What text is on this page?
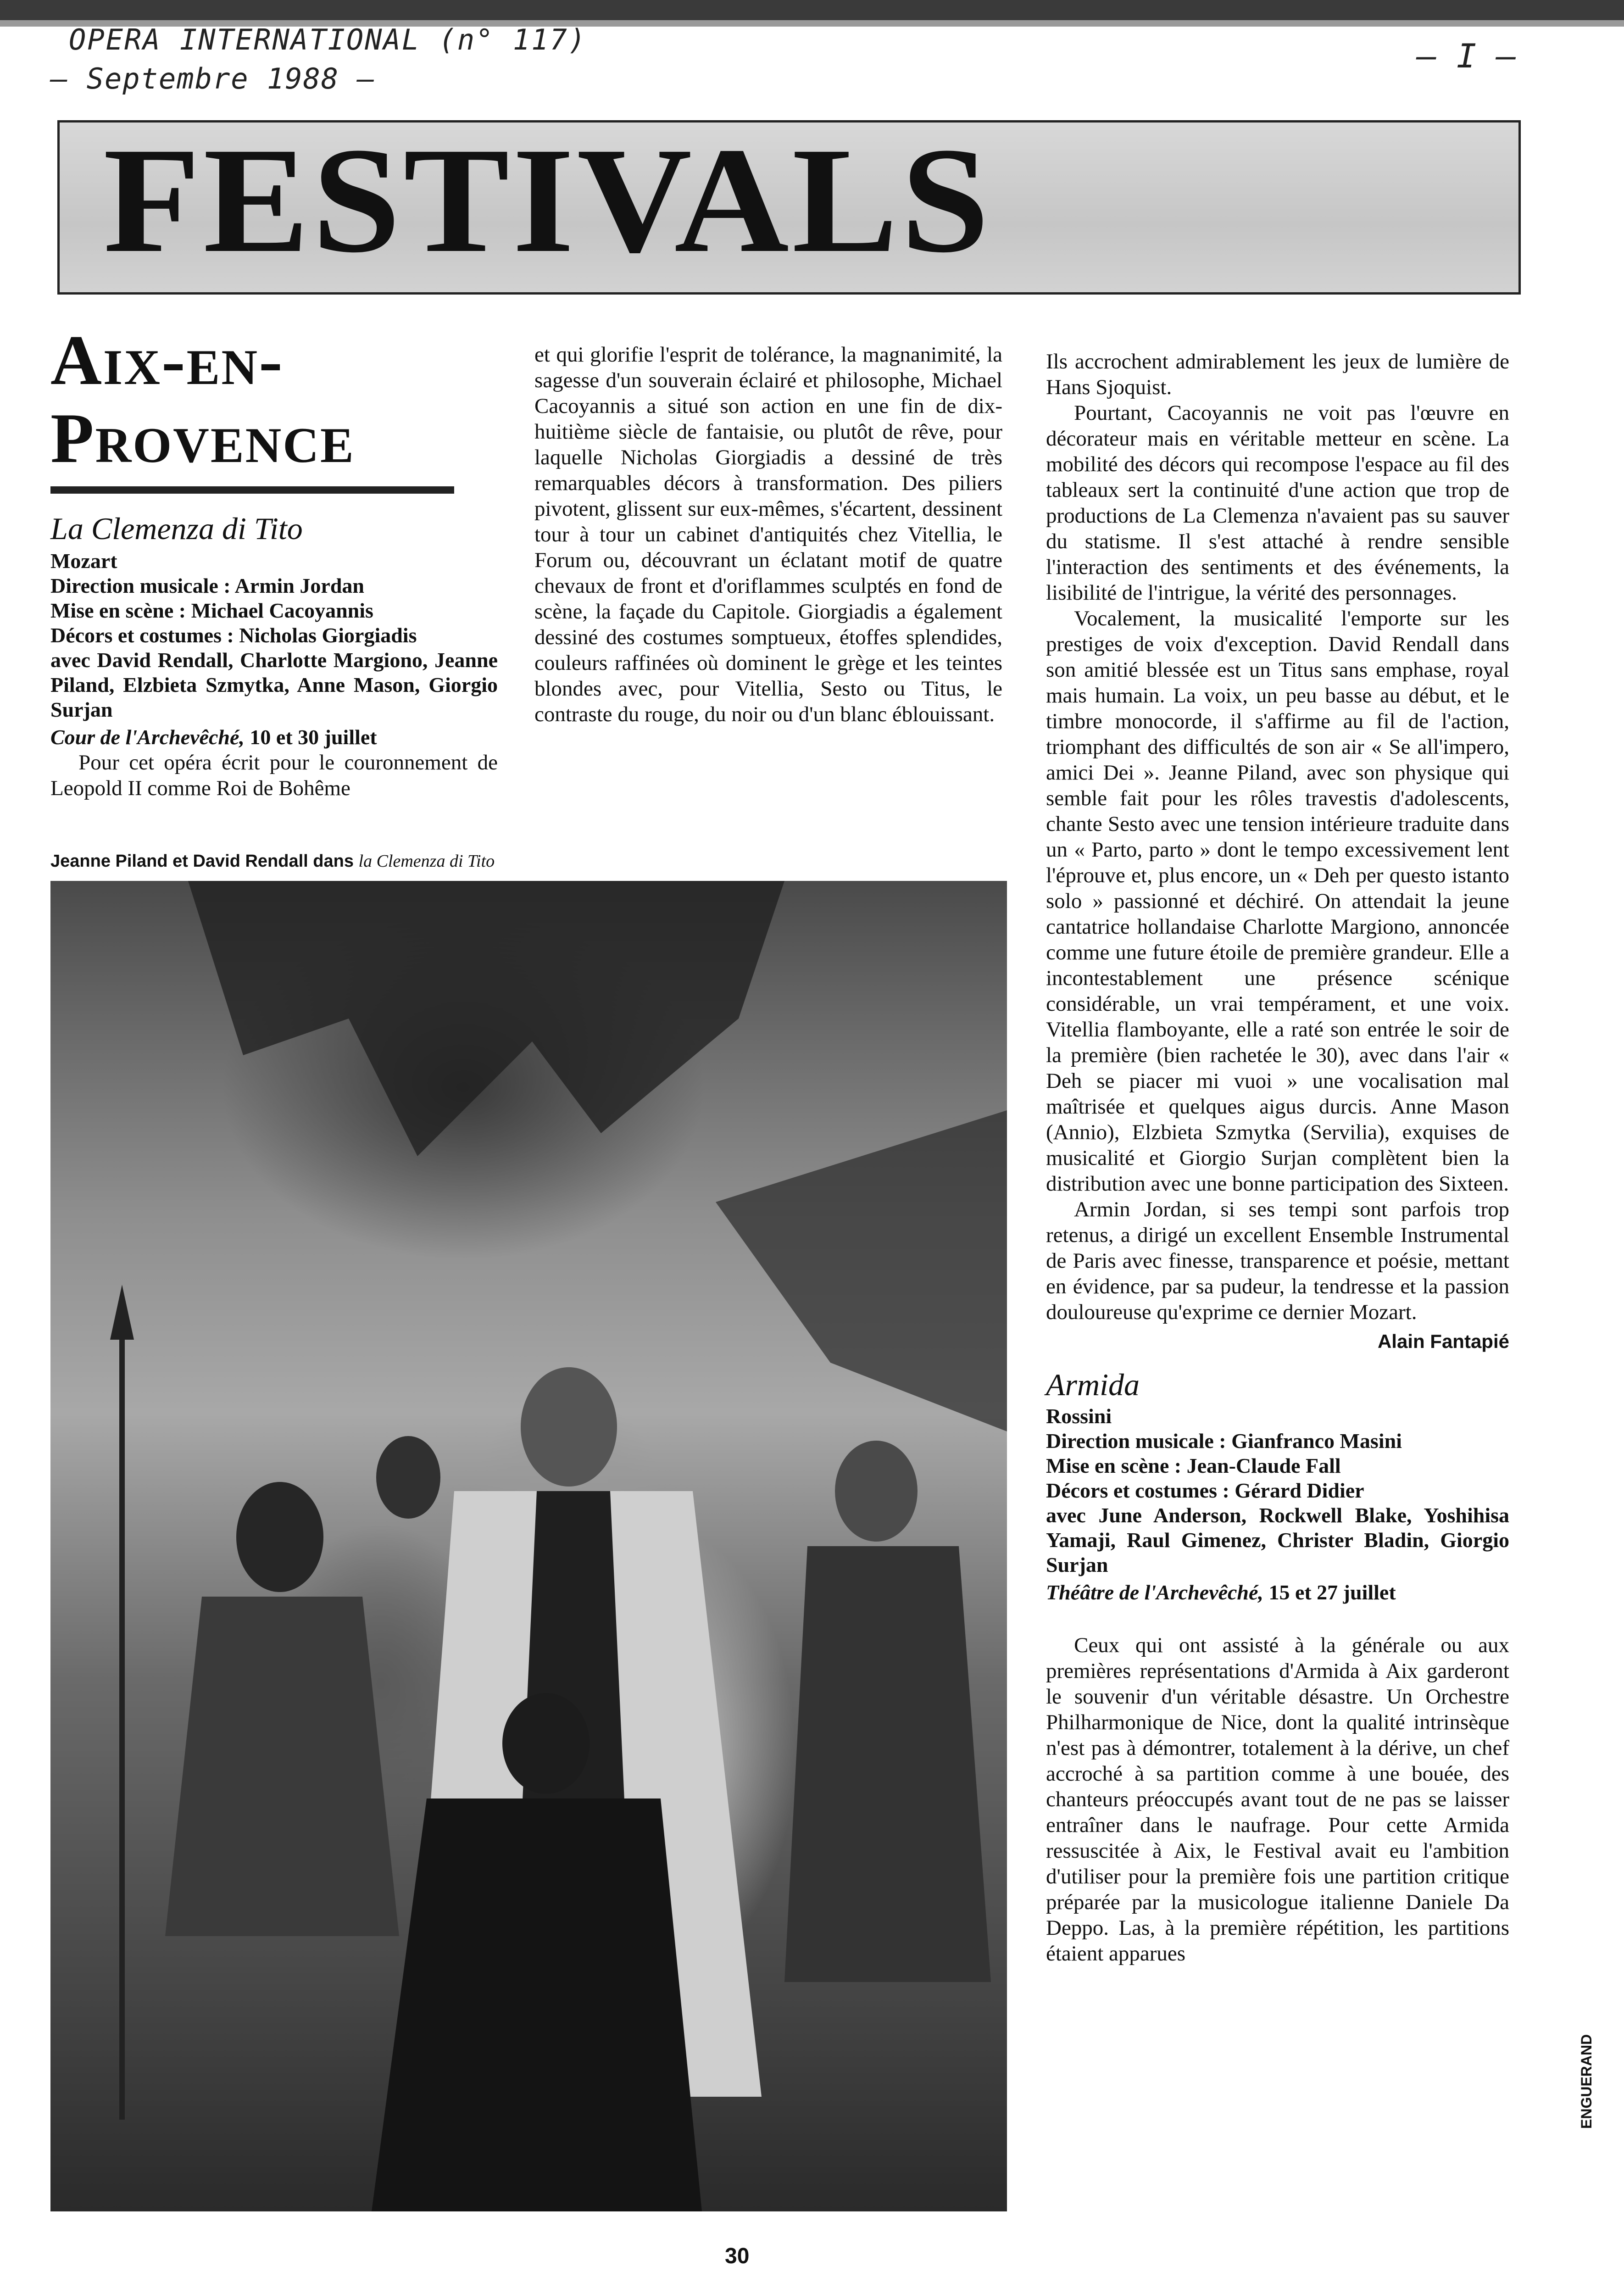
OPERA INTERNATIONAL (n° 117)
– Septembre 1988 –
– I –
FESTIVALS
Aix-en-
Provence
La Clemenza di Tito
Mozart
Direction musicale : Armin Jordan
Mise en scène : Michael Cacoyannis
Décors et costumes : Nicholas Giorgiadis
avec David Rendall, Charlotte Margiono, Jeanne Piland, Elzbieta Szmytka, Anne Mason, Giorgio Surjan
Cour de l'Archevêché, 10 et 30 juillet

Pour cet opéra écrit pour le couronnement de Leopold II comme Roi de Bohême

et qui glorifie l'esprit de tolérance, la magnanimité, la sagesse d'un souverain éclairé et philosophe, Michael Cacoyannis a situé son action en une fin de dix-huitième siècle de fantaisie, ou plutôt de rêve, pour laquelle Nicholas Giorgiadis a dessiné de très remarquables décors à transformation. Des piliers pivotent, glissent sur eux-mêmes, s'écartent, dessinent tour à tour un cabinet d'antiquités chez Vitellia, le Forum ou, découvrant un éclatant motif de quatre chevaux de front et d'oriflammes sculptés en fond de scène, la façade du Capitole. Giorgiadis a également dessiné des costumes somptueux, étoffes splendides, couleurs raffinées où dominent le grège et les teintes blondes avec, pour Vitellia, Sesto ou Titus, le contraste du rouge, du noir ou d'un blanc éblouissant.

Jeanne Piland et David Rendall dans la Clemenza di Tito

Ils accrochent admirablement les jeux de lumière de Hans Sjoquist.

Pourtant, Cacoyannis ne voit pas l'œuvre en décorateur mais en véritable metteur en scène. La mobilité des décors qui recompose l'espace au fil des tableaux sert la continuité d'une action que trop de productions de La Clemenza n'avaient pas su sauver du statisme. Il s'est attaché à rendre sensible l'interaction des sentiments et des événements, la lisibilité de l'intrigue, la vérité des personnages.

Vocalement, la musicalité l'emporte sur les prestiges de voix d'exception. David Rendall dans son amitié blessée est un Titus sans emphase, royal mais humain. La voix, un peu basse au début, et le timbre monocorde, il s'affirme au fil de l'action, triomphant des difficultés de son air « Se all'impero, amici Dei ». Jeanne Piland, avec son physique qui semble fait pour les rôles travestis d'adolescents, chante Sesto avec une tension intérieure traduite dans un « Parto, parto » dont le tempo excessivement lent l'éprouve et, plus encore, un « Deh per questo istanto solo » passionné et déchiré. On attendait la jeune cantatrice hollandaise Charlotte Margiono, annoncée comme une future étoile de première grandeur. Elle a incontestablement une présence scénique considérable, un vrai tempérament, et une voix. Vitellia flamboyante, elle a raté son entrée le soir de la première (bien rachetée le 30), avec dans l'air « Deh se piacer mi vuoi » une vocalisation mal maîtrisée et quelques aigus durcis. Anne Mason (Annio), Elzbieta Szmytka (Servilia), exquises de musicalité et Giorgio Surjan complètent bien la distribution avec une bonne participation des Sixteen.

Armin Jordan, si ses tempi sont parfois trop retenus, a dirigé un excellent Ensemble Instrumental de Paris avec finesse, transparence et poésie, mettant en évidence, par sa pudeur, la tendresse et la passion douloureuse qu'exprime ce dernier Mozart.

Alain Fantapié
Armida
Rossini
Direction musicale : Gianfranco Masini
Mise en scène : Jean-Claude Fall
Décors et costumes : Gérard Didier
avec June Anderson, Rockwell Blake, Yoshihisa Yamaji, Raul Gimenez, Christer Bladin, Giorgio Surjan
Théâtre de l'Archevêché, 15 et 27 juillet

Ceux qui ont assisté à la générale ou aux premières représentations d'Armida à Aix garderont le souvenir d'un véritable désastre. Un Orchestre Philharmonique de Nice, dont la qualité intrinsèque n'est pas à démontrer, totalement à la dérive, un chef accroché à sa partition comme à une bouée, des chanteurs préoccupés avant tout de ne pas se laisser entraîner dans le naufrage. Pour cette Armida ressuscitée à Aix, le Festival avait eu l'ambition d'utiliser pour la première fois une partition critique préparée par la musicologue italienne Daniele Da Deppo. Las, à la première répétition, les partitions étaient apparues

30
ENGUERAND
